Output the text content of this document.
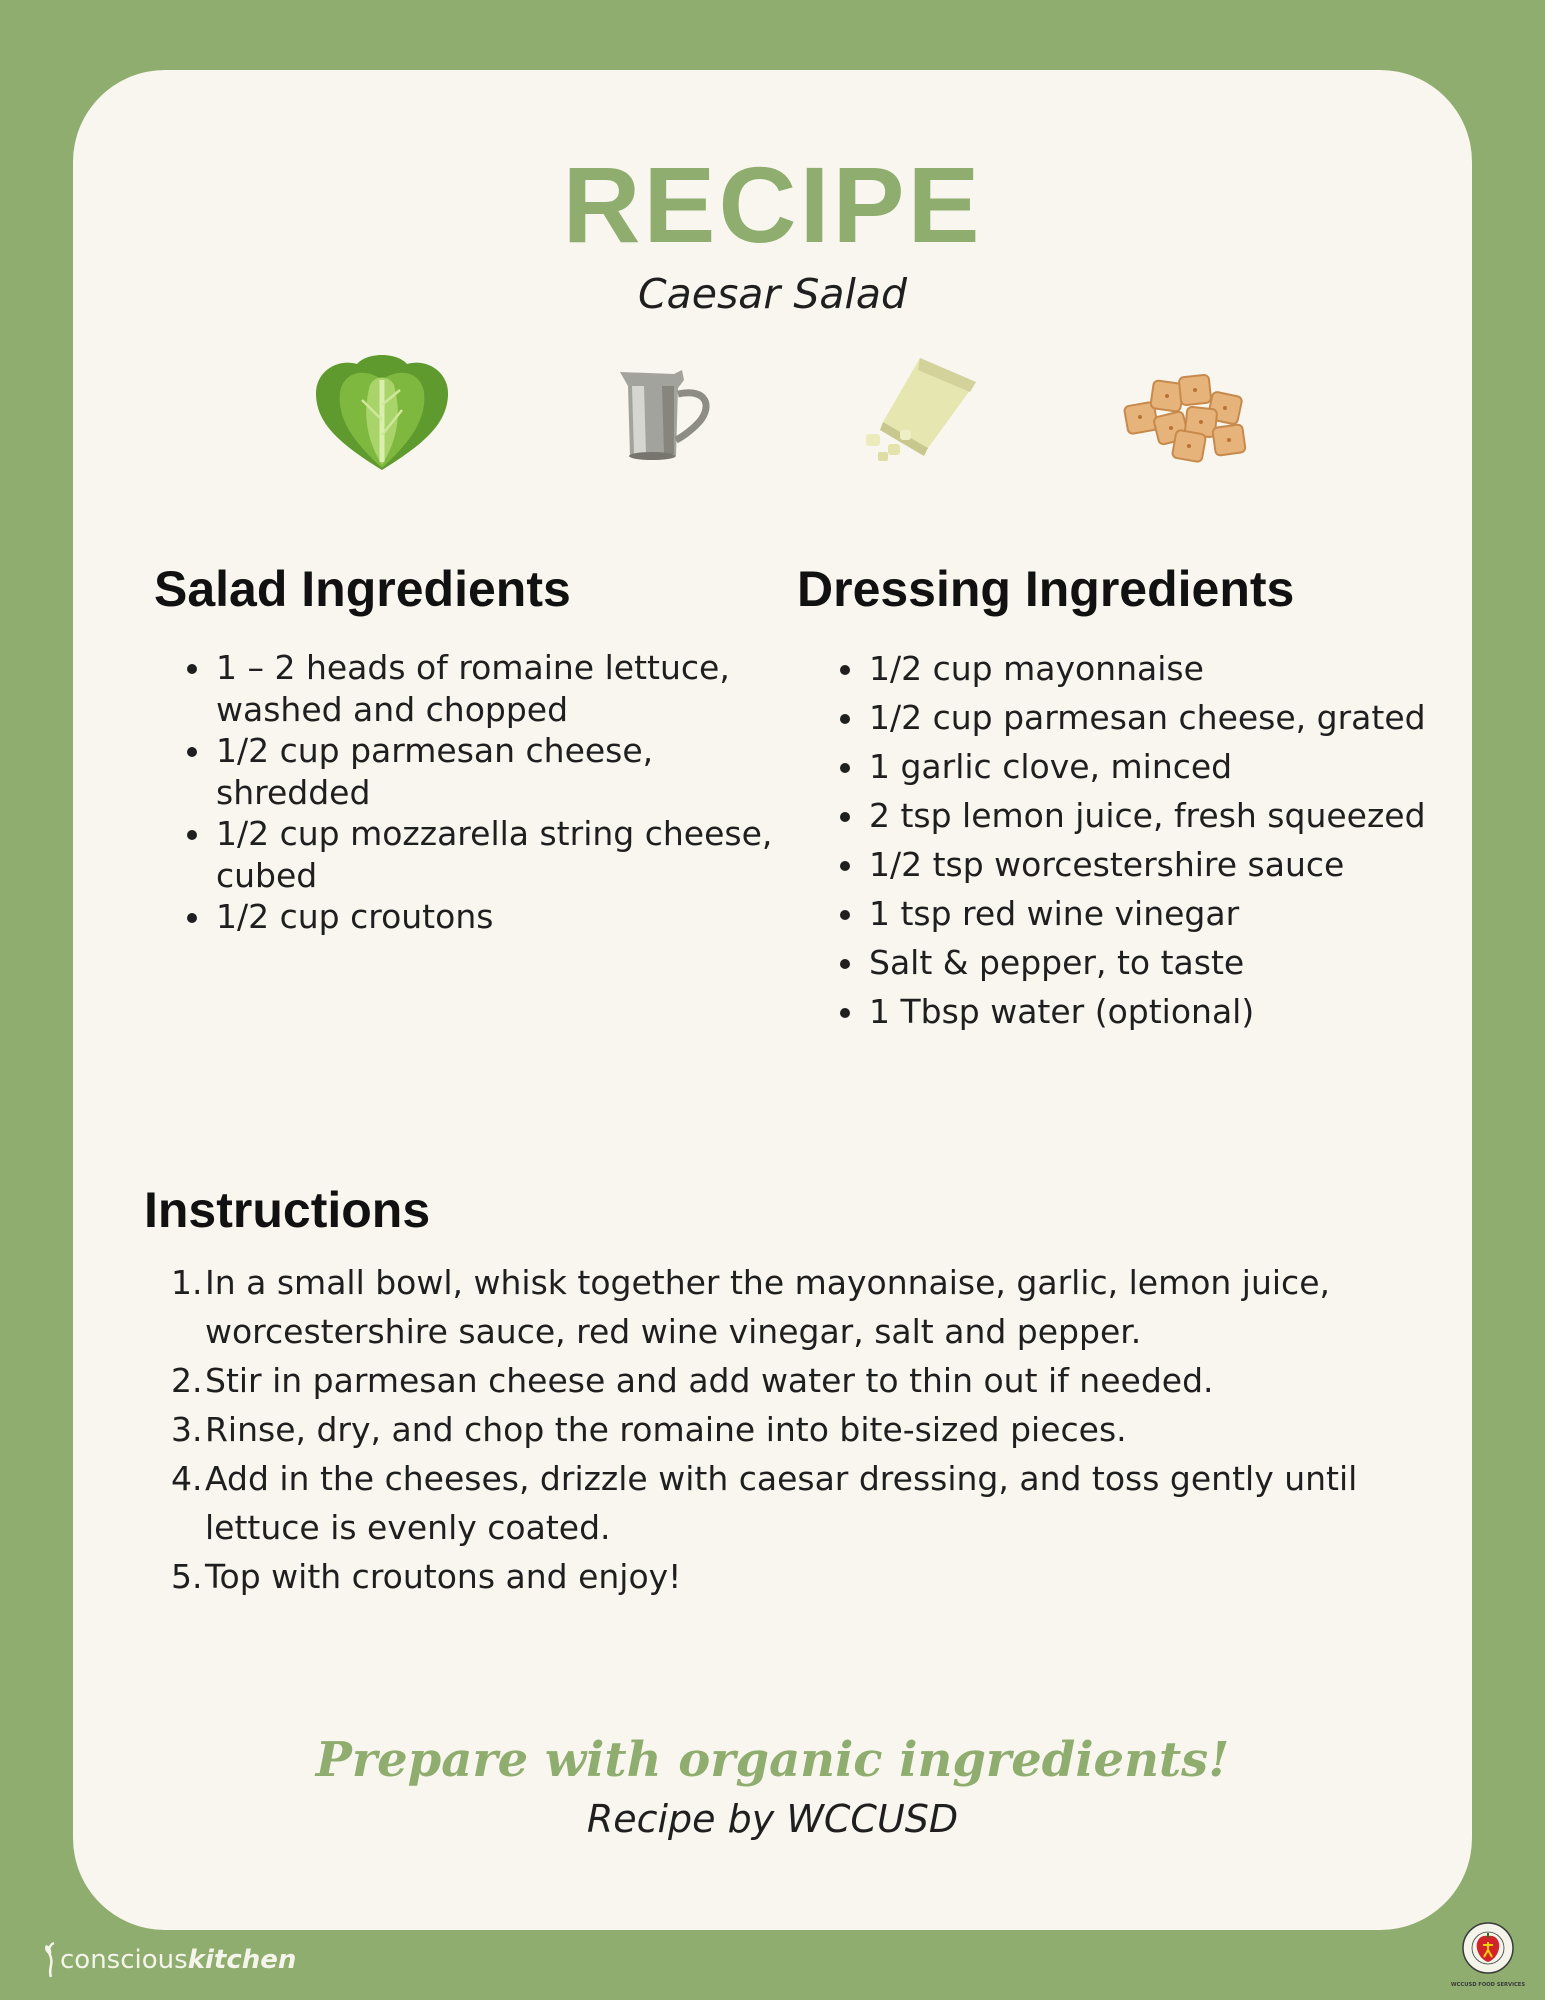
RECIPE

Caesar Salad

Salad Ingredients
• 1 – 2 heads of romaine lettuce, washed and chopped
• 1/2 cup parmesan cheese, shredded
• 1/2 cup mozzarella string cheese, cubed
• 1/2 cup croutons
Dressing Ingredients
• 1/2 cup mayonnaise
• 1/2 cup parmesan cheese, grated
• 1 garlic clove, minced
• 2 tsp lemon juice, fresh squeezed
• 1/2 tsp worcestershire sauce
• 1 tsp red wine vinegar
• Salt & pepper, to taste
• 1 Tbsp water (optional)
Instructions
1. In a small bowl, whisk together the mayonnaise, garlic, lemon juice, worcestershire sauce, red wine vinegar, salt and pepper.
2. Stir in parmesan cheese and add water to thin out if needed.
3. Rinse, dry, and chop the romaine into bite-sized pieces.
4. Add in the cheeses, drizzle with caesar dressing, and toss gently until lettuce is evenly coated.
5. Top with croutons and enjoy!

Prepare with organic ingredients!

Recipe by WCCUSD

conscious kitchen
WCCUSD FOOD SERVICES
